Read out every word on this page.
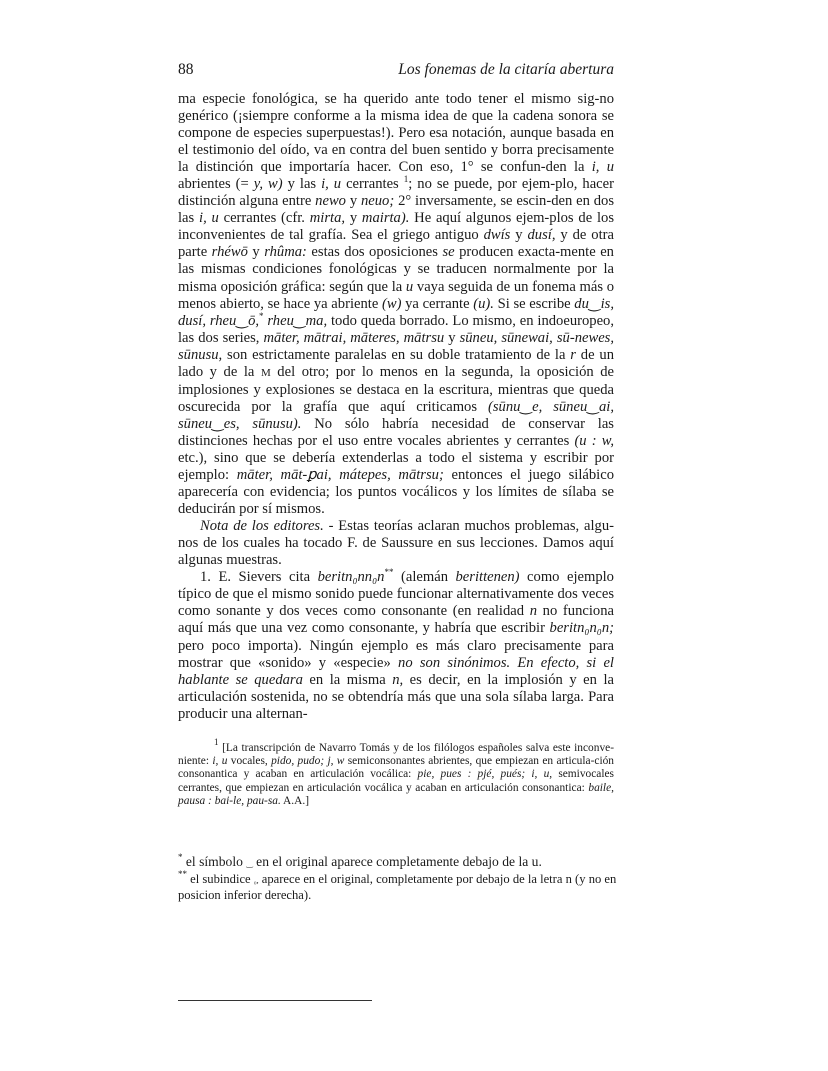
88	Los fonemas de la citaría abertura

ma especie fonológica, se ha querido ante todo tener el mismo sig-no genérico (¡siempre conforme a la misma idea de que la cadena sonora se compone de especies superpuestas!). Pero esa notación, aunque basada en el testimonio del oído, va en contra del buen sentido y borra precisamente la distinción que importaría hacer. Con eso, 1° se confun-den la i, u abrientes (= y, w) y las i, u cerrantes $^1$; no se puede, por ejem-plo, hacer distinción alguna entre newo y neuo; 2° inversamente, se escin-den en dos las i, u cerrantes (cfr. mirta, y mairta). He aquí algunos ejem-plos de los inconvenientes de tal grafía. Sea el griego antiguo dwís y dusí, y de otra parte rhéwō y rhûma: estas dos oposiciones se producen exacta-mente en las mismas condiciones fonológicas y se traducen normalmente por la misma oposición gráfica: según que la u vaya seguida de un fonema más o menos abierto, se hace ya abriente (w) ya cerrante (u). Si se escribe du‿is, dusí, rheu‿ō,* rheu‿ma, todo queda borrado. Lo mismo, en indoeuropeo, las dos series, māter, mātrai, māteres, mātrsu y sūneu, sūnewai, sū-newes, sūnusu, son estrictamente paralelas en su doble tratamiento de la r de un lado y de la M del otro; por lo menos en la segunda, la oposición de implosiones y explosiones se destaca en la escritura, mientras que queda oscurecida por la grafía que aquí criticamos (sūnu‿e, sūneu‿ai, sūneu‿es, sūnusu). No sólo habría necesidad de conservar las distinciones hechas por el uso entre vocales abrientes y cerrantes (u : w, etc.), sino que se debería extenderlas a todo el sistema y escribir por ejemplo: māter, māt-ꝑai, mátepes, mātrsu; entonces el juego silábico aparecería con evidencia; los puntos vocálicos y los límites de sílaba se deducirán por sí mismos.

Nota de los editores. - Estas teorías aclaran muchos problemas, algu-nos de los cuales ha tocado F. de Saussure en sus lecciones. Damos aquí algunas muestras.

1. E. Sievers cita beritn₀nn₀n** (alemán berittenen) como ejemplo típico de que el mismo sonido puede funcionar alternativamente dos veces como sonante y dos veces como consonante (en realidad n no funciona aquí más que una vez como consonante, y habría que escribir beritn₀n₀n; pero poco importa). Ningún ejemplo es más claro precisamente para mostrar que «sonido» y «especie» no son sinónimos. En efecto, si el hablante se quedara en la misma n, es decir, en la implosión y en la articulación sostenida, no se obtendría más que una sola sílaba larga. Para producir una alternan-

$^1$ [La transcripción de Navarro Tomás y de los filólogos españoles salva este inconve-niente: i, u vocales, pido, pudo; j, w semiconsonantes abrientes, que empiezan en articula-ción consonantica y acaban en articulación vocálica: pie, pues : pjé, pués; i, u, semivocales cerrantes, que empiezan en articulación vocálica y acaban en articulación consonantica: baile, pausa : bai-le, pau-sa. A.A.]

* el símbolo ‿ en el original aparece completamente debajo de la u.

** el subindice ₀, aparece en el original, completamente por debajo de la letra n (y no en posicion inferior derecha).
